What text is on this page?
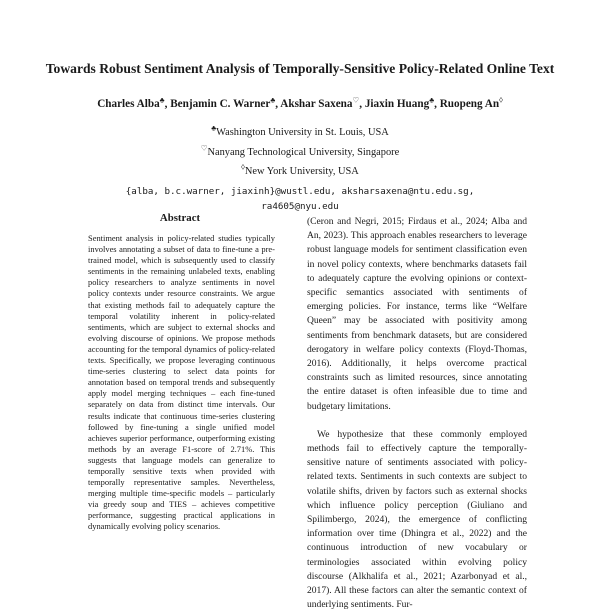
Towards Robust Sentiment Analysis of Temporally-Sensitive Policy-Related Online Text
Charles Alba♣, Benjamin C. Warner♣, Akshar Saxena♡, Jiaxin Huang♣, Ruopeng An◊
♣Washington University in St. Louis, USA
♡Nanyang Technological University, Singapore
◊New York University, USA
{alba, b.c.warner, jiaxinh}@wustl.edu, aksharsaxena@ntu.edu.sg,
ra4605@nyu.edu
Abstract
Sentiment analysis in policy-related studies typically involves annotating a subset of data to fine-tune a pre-trained model, which is subsequently used to classify sentiments in the remaining unlabeled texts, enabling policy researchers to analyze sentiments in novel policy contexts under resource constraints. We argue that existing methods fail to adequately capture the temporal volatility inherent in policy-related sentiments, which are subject to external shocks and evolving discourse of opinions. We propose methods accounting for the temporal dynamics of policy-related texts. Specifically, we propose leveraging continuous time-series clustering to select data points for annotation based on temporal trends and subsequently apply model merging techniques – each fine-tuned separately on data from distinct time intervals. Our results indicate that continuous time-series clustering followed by fine-tuning a single unified model achieves superior performance, outperforming existing methods by an average F1-score of 2.71%. This suggests that language models can generalize to temporally sensitive texts when provided with temporally representative samples. Nevertheless, merging multiple time-specific models – particularly via greedy soup and TIES – achieves competitive performance, suggesting practical applications in dynamically evolving policy scenarios.

(Ceron and Negri, 2015; Firdaus et al., 2024; Alba and An, 2023). This approach enables researchers to leverage robust language models for sentiment classification even in novel policy contexts, where benchmarks datasets fail to adequately capture the evolving opinions or context-specific semantics associated with sentiments of emerging policies. For instance, terms like “Welfare Queen” may be associated with positivity among sentiments from benchmark datasets, but are considered derogatory in welfare policy contexts (Floyd-Thomas, 2016). Additionally, it helps overcome practical constraints such as limited resources, since annotating the entire dataset is often infeasible due to time and budgetary limitations.

We hypothesize that these commonly employed methods fail to effectively capture the temporally-sensitive nature of sentiments associated with policy-related texts. Sentiments in such contexts are subject to volatile shifts, driven by factors such as external shocks which influence policy perception (Giuliano and Spilimbergo, 2024), the emergence of conflicting information over time (Dhingra et al., 2022) and the continuous introduction of new vocabulary or terminologies associated within evolving policy discourse (Alkhalifa et al., 2021; Azarbonyad et al., 2017). All these factors can alter the semantic context of underlying sentiments. Fur-
